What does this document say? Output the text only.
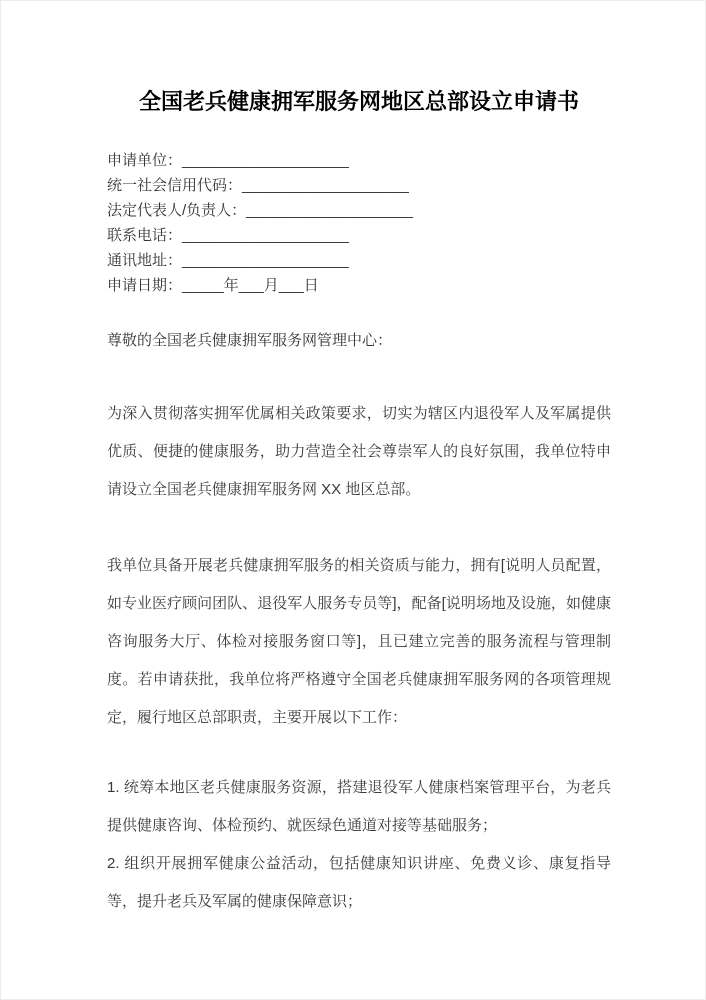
全国老兵健康拥军服务网地区总部设立申请书
申请单位：____________________
统一社会信用代码：____________________
法定代表人/负责人：____________________
联系电话：____________________
通讯地址：____________________
申请日期：_____年___月___日

尊敬的全国老兵健康拥军服务网管理中心：

为深入贯彻落实拥军优属相关政策要求，切实为辖区内退役军人及军属提供优质、便捷的健康服务，助力营造全社会尊崇军人的良好氛围，我单位特申请设立全国老兵健康拥军服务网 XX 地区总部。

我单位具备开展老兵健康拥军服务的相关资质与能力，拥有[说明人员配置，如专业医疗顾问团队、退役军人服务专员等]，配备[说明场地及设施，如健康咨询服务大厅、体检对接服务窗口等]，且已建立完善的服务流程与管理制度。若申请获批，我单位将严格遵守全国老兵健康拥军服务网的各项管理规定，履行地区总部职责，主要开展以下工作：

1. 统筹本地区老兵健康服务资源，搭建退役军人健康档案管理平台，为老兵提供健康咨询、体检预约、就医绿色通道对接等基础服务；

2. 组织开展拥军健康公益活动，包括健康知识讲座、免费义诊、康复指导等，提升老兵及军属的健康保障意识；
